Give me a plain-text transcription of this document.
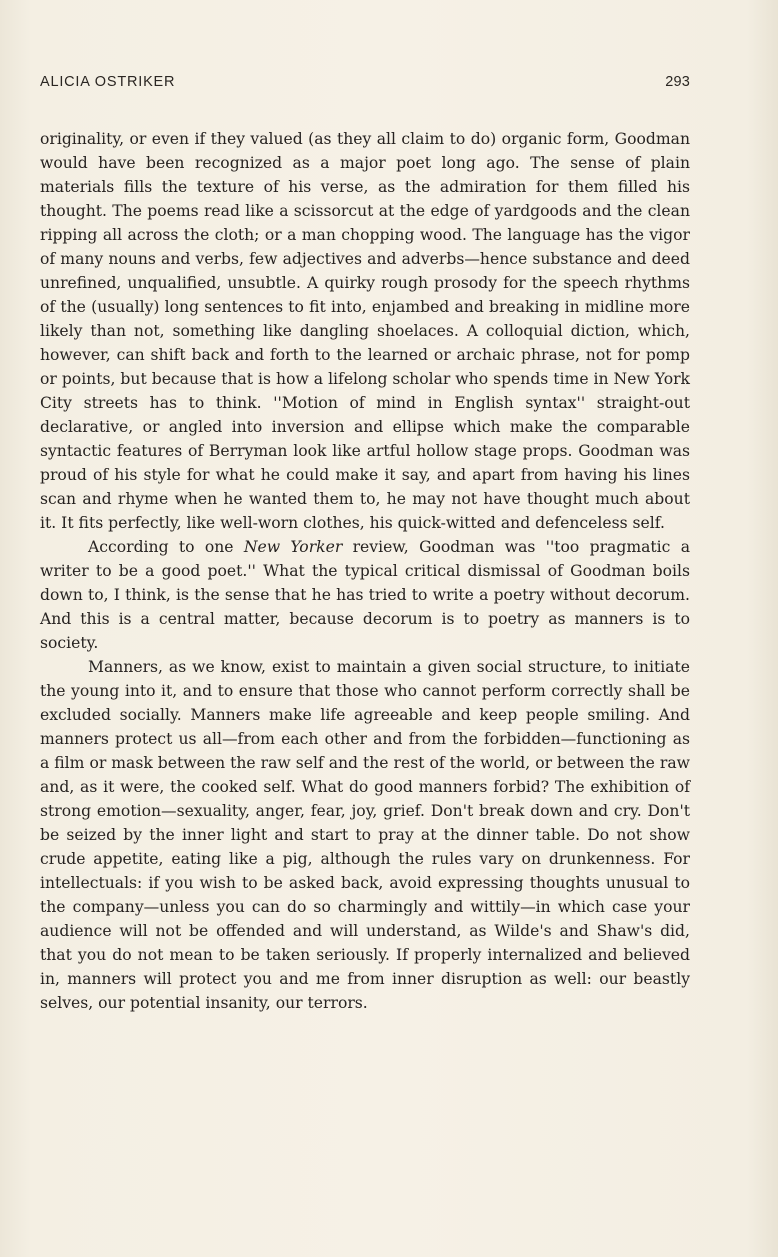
ALICIA OSTRIKER	293

originality, or even if they valued (as they all claim to do) organic form, Goodman would have been recognized as a major poet long ago. The sense of plain materials fills the texture of his verse, as the admiration for them filled his thought. The poems read like a scissorcut at the edge of yardgoods and the clean ripping all across the cloth; or a man chopping wood. The language has the vigor of many nouns and verbs, few adjectives and adverbs—hence substance and deed unrefined, unqualified, unsubtle. A quirky rough prosody for the speech rhythms of the (usually) long sentences to fit into, enjambed and breaking in midline more likely than not, something like dangling shoelaces. A colloquial diction, which, however, can shift back and forth to the learned or archaic phrase, not for pomp or points, but because that is how a lifelong scholar who spends time in New York City streets has to think. ''Motion of mind in English syntax'' straight-out declarative, or angled into inversion and ellipse which make the comparable syntactic features of Berryman look like artful hollow stage props. Goodman was proud of his style for what he could make it say, and apart from having his lines scan and rhyme when he wanted them to, he may not have thought much about it. It fits perfectly, like well-worn clothes, his quick-witted and defenceless self.

According to one New Yorker review, Goodman was ''too pragmatic a writer to be a good poet.'' What the typical critical dismissal of Goodman boils down to, I think, is the sense that he has tried to write a poetry without decorum. And this is a central matter, because decorum is to poetry as manners is to society.

Manners, as we know, exist to maintain a given social structure, to initiate the young into it, and to ensure that those who cannot perform correctly shall be excluded socially. Manners make life agreeable and keep people smiling. And manners protect us all—from each other and from the forbidden—functioning as a film or mask between the raw self and the rest of the world, or between the raw and, as it were, the cooked self. What do good manners forbid? The exhibition of strong emotion—sexuality, anger, fear, joy, grief. Don't break down and cry. Don't be seized by the inner light and start to pray at the dinner table. Do not show crude appetite, eating like a pig, although the rules vary on drunkenness. For intellectuals: if you wish to be asked back, avoid expressing thoughts unusual to the company—unless you can do so charmingly and wittily—in which case your audience will not be offended and will understand, as Wilde's and Shaw's did, that you do not mean to be taken seriously. If properly internalized and believed in, manners will protect you and me from inner disruption as well: our beastly selves, our potential insanity, our terrors.
